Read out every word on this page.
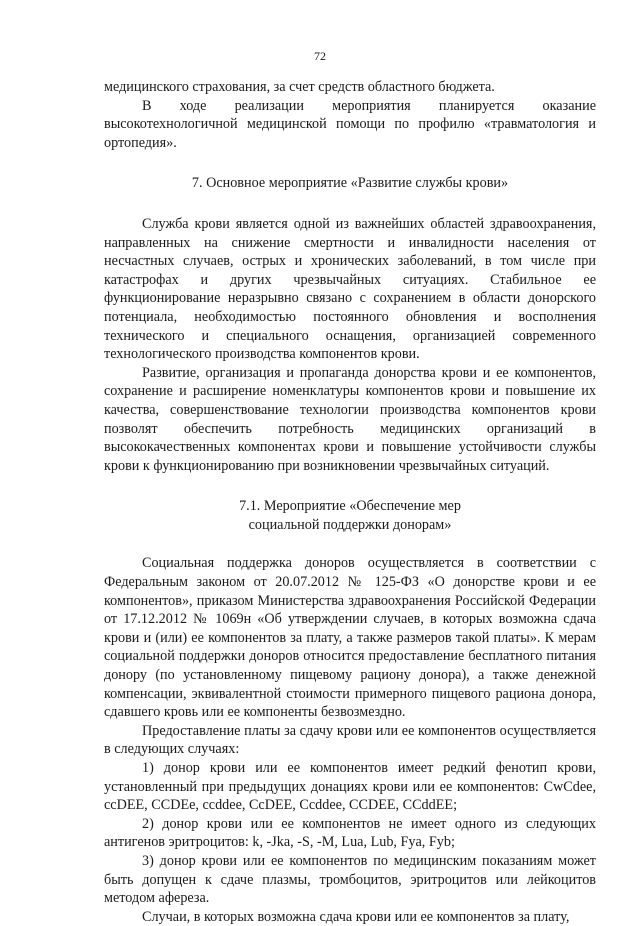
72

медицинского страхования, за счет средств областного бюджета.

В ходе реализации мероприятия планируется оказание высокотехнологичной медицинской помощи по профилю «травматология и ортопедия».

7. Основное мероприятие «Развитие службы крови»

Служба крови является одной из важнейших областей здравоохранения, направленных на снижение смертности и инвалидности населения от несчастных случаев, острых и хронических заболеваний, в том числе при катастрофах и других чрезвычайных ситуациях. Стабильное ее функционирование неразрывно связано с сохранением в области донорского потенциала, необходимостью постоянного обновления и восполнения технического и специального оснащения, организацией современного технологического производства компонентов крови.

Развитие, организация и пропаганда донорства крови и ее компонентов, сохранение и расширение номенклатуры компонентов крови и повышение их качества, совершенствование технологии производства компонентов крови позволят обеспечить потребность медицинских организаций в высококачественных компонентах крови и повышение устойчивости службы крови к функционированию при возникновении чрезвычайных ситуаций.

7.1. Мероприятие «Обеспечение мер

социальной поддержки донорам»

Социальная поддержка доноров осуществляется в соответствии с Федеральным законом от 20.07.2012 № 125-ФЗ «О донорстве крови и ее компонентов», приказом Министерства здравоохранения Российской Федерации от 17.12.2012 № 1069н «Об утверждении случаев, в которых возможна сдача крови и (или) ее компонентов за плату, а также размеров такой платы». К мерам социальной поддержки доноров относится предоставление бесплатного питания донору (по установленному пищевому рациону донора), а также денежной компенсации, эквивалентной стоимости примерного пищевого рациона донора, сдавшего кровь или ее компоненты безвозмездно.

Предоставление платы за сдачу крови или ее компонентов осуществляется в следующих случаях:

1) донор крови или ее компонентов имеет редкий фенотип крови, установленный при предыдущих донациях крови или ее компонентов: CwCdee, ccDEE, CCDEe, ccddee, CcDEE, Ccddee, CCDEE, CCddEE;

2) донор крови или ее компонентов не имеет одного из следующих антигенов эритроцитов: k, -Jka, -S, -M, Lua, Lub, Fya, Fyb;

3) донор крови или ее компонентов по медицинским показаниям может быть допущен к сдаче плазмы, тромбоцитов, эритроцитов или лейкоцитов методом афереза.

Случаи, в которых возможна сдача крови или ее компонентов за плату,
